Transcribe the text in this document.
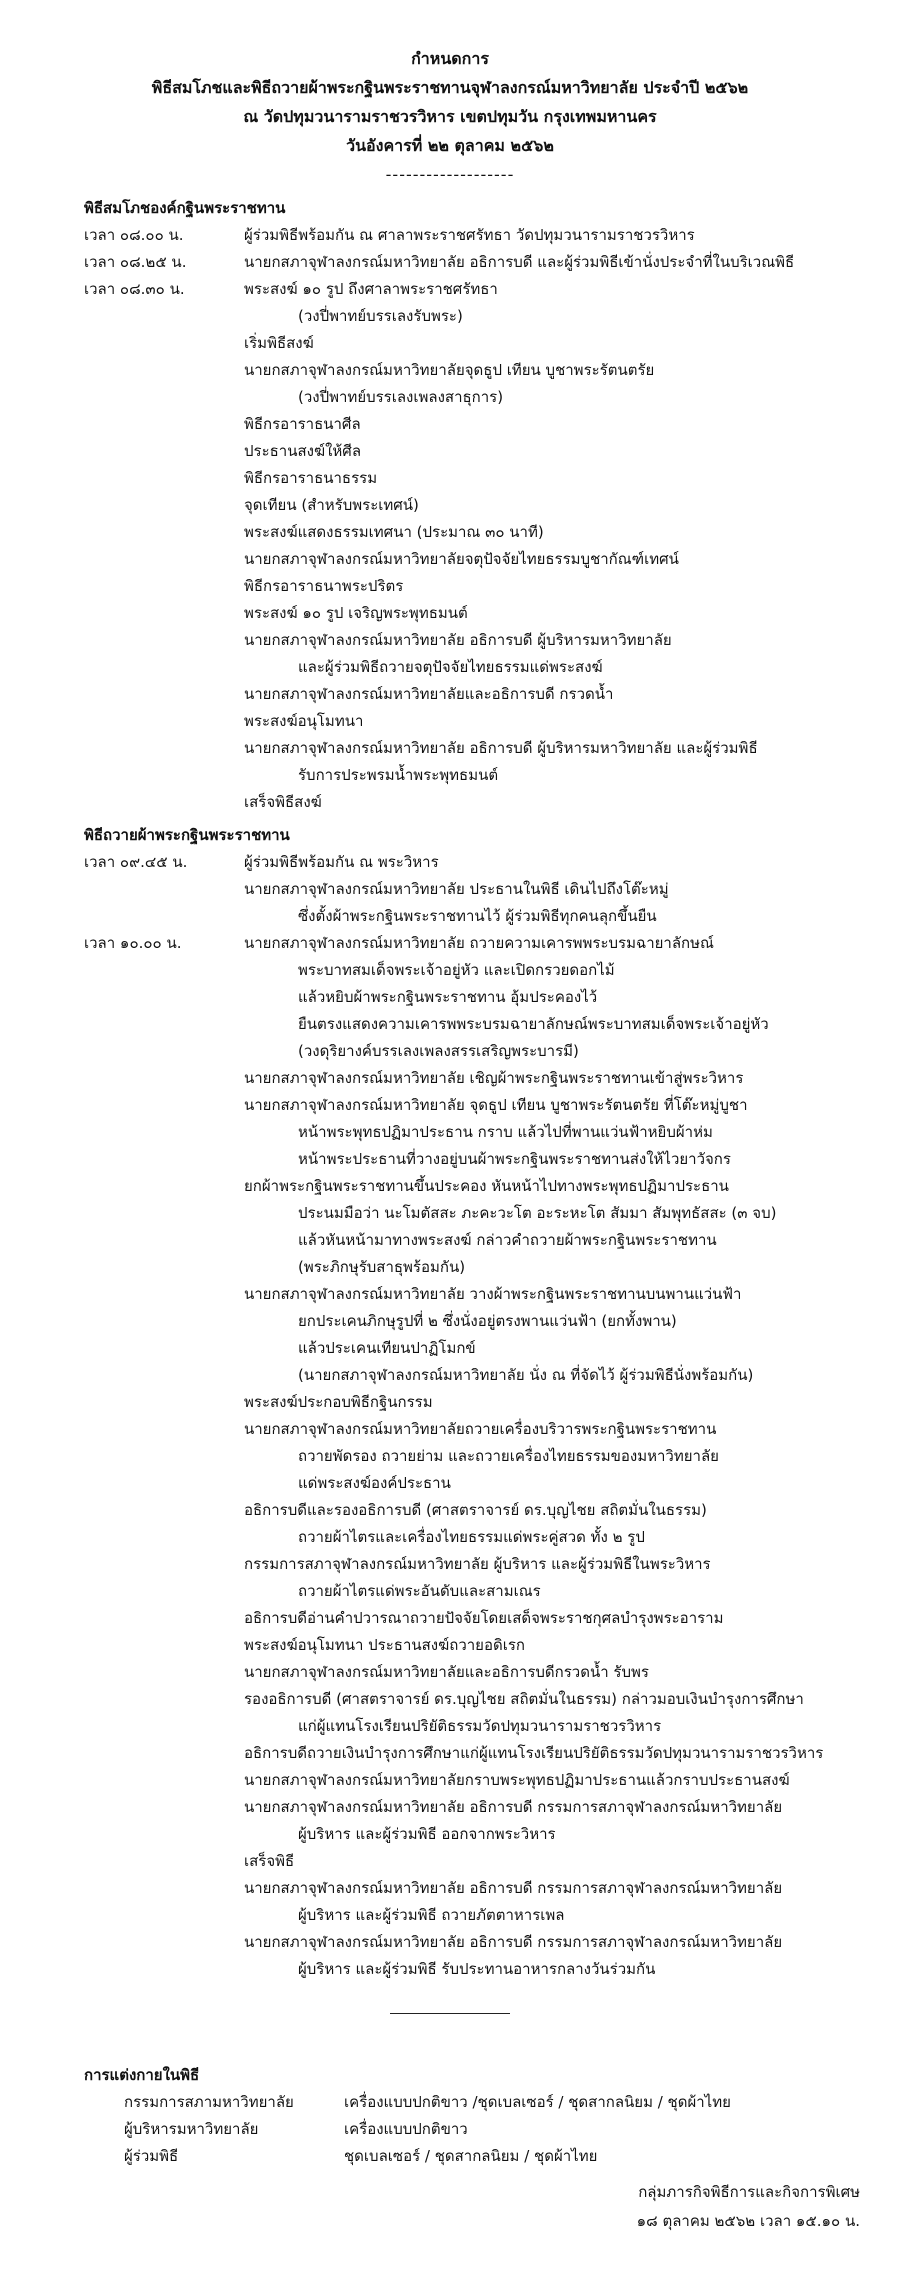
กำหนดการ
พิธีสมโภชและพิธีถวายผ้าพระกฐินพระราชทานจุฬาลงกรณ์มหาวิทยาลัย ประจำปี ๒๕๖๒
ณ วัดปทุมวนารามราชวรวิหาร เขตปทุมวัน กรุงเทพมหานคร
วันอังคารที่ ๒๒ ตุลาคม ๒๕๖๒
-------------------
พิธีสมโภชองค์กฐินพระราชทาน
เวลา ๐๘.๐๐ น.	ผู้ร่วมพิธีพร้อมกัน ณ ศาลาพระราชศรัทธา วัดปทุมวนารามราชวรวิหาร
เวลา ๐๘.๒๕ น.	นายกสภาจุฬาลงกรณ์มหาวิทยาลัย อธิการบดี และผู้ร่วมพิธีเข้านั่งประจำที่ในบริเวณพิธี
เวลา ๐๘.๓๐ น.	พระสงฆ์ ๑๐ รูป ถึงศาลาพระราชศรัทธา
(วงปี่พาทย์บรรเลงรับพระ)
เริ่มพิธีสงฆ์
นายกสภาจุฬาลงกรณ์มหาวิทยาลัยจุดธูป เทียน บูชาพระรัตนตรัย
(วงปี่พาทย์บรรเลงเพลงสาธุการ)
พิธีกรอาราธนาศีล
ประธานสงฆ์ให้ศีล
พิธีกรอาราธนาธรรม
จุดเทียน (สำหรับพระเทศน์)
พระสงฆ์แสดงธรรมเทศนา (ประมาณ ๓๐ นาที)
นายกสภาจุฬาลงกรณ์มหาวิทยาลัยจตุปัจจัยไทยธรรมบูชากัณฑ์เทศน์
พิธีกรอาราธนาพระปริตร
พระสงฆ์ ๑๐ รูป เจริญพระพุทธมนต์
นายกสภาจุฬาลงกรณ์มหาวิทยาลัย อธิการบดี ผู้บริหารมหาวิทยาลัย
และผู้ร่วมพิธีถวายจตุปัจจัยไทยธรรมแด่พระสงฆ์
นายกสภาจุฬาลงกรณ์มหาวิทยาลัยและอธิการบดี กรวดน้ำ
พระสงฆ์อนุโมทนา
นายกสภาจุฬาลงกรณ์มหาวิทยาลัย อธิการบดี ผู้บริหารมหาวิทยาลัย และผู้ร่วมพิธี
รับการประพรมน้ำพระพุทธมนต์
เสร็จพิธีสงฆ์
พิธีถวายผ้าพระกฐินพระราชทาน
เวลา ๐๙.๔๕ น.	ผู้ร่วมพิธีพร้อมกัน ณ พระวิหาร
นายกสภาจุฬาลงกรณ์มหาวิทยาลัย ประธานในพิธี เดินไปถึงโต๊ะหมู่
ซึ่งตั้งผ้าพระกฐินพระราชทานไว้ ผู้ร่วมพิธีทุกคนลุกขึ้นยืน
เวลา ๑๐.๐๐ น.	นายกสภาจุฬาลงกรณ์มหาวิทยาลัย ถวายความเคารพพระบรมฉายาลักษณ์
พระบาทสมเด็จพระเจ้าอยู่หัว และเปิดกรวยดอกไม้
แล้วหยิบผ้าพระกฐินพระราชทาน อุ้มประคองไว้
ยืนตรงแสดงความเคารพพระบรมฉายาลักษณ์พระบาทสมเด็จพระเจ้าอยู่หัว
(วงดุริยางค์บรรเลงเพลงสรรเสริญพระบารมี)
นายกสภาจุฬาลงกรณ์มหาวิทยาลัย เชิญผ้าพระกฐินพระราชทานเข้าสู่พระวิหาร
นายกสภาจุฬาลงกรณ์มหาวิทยาลัย จุดธูป เทียน บูชาพระรัตนตรัย ที่โต๊ะหมู่บูชา
หน้าพระพุทธปฏิมาประธาน กราบ แล้วไปที่พานแว่นฟ้าหยิบผ้าห่ม
หน้าพระประธานที่วางอยู่บนผ้าพระกฐินพระราชทานส่งให้ไวยาวัจกร
ยกผ้าพระกฐินพระราชทานขึ้นประคอง หันหน้าไปทางพระพุทธปฏิมาประธาน
ประนมมือว่า นะโมตัสสะ ภะคะวะโต อะระหะโต สัมมา สัมพุทธัสสะ (๓ จบ)
แล้วหันหน้ามาทางพระสงฆ์ กล่าวคำถวายผ้าพระกฐินพระราชทาน
(พระภิกษุรับสาธุพร้อมกัน)
นายกสภาจุฬาลงกรณ์มหาวิทยาลัย วางผ้าพระกฐินพระราชทานบนพานแว่นฟ้า
ยกประเคนภิกษุรูปที่ ๒ ซึ่งนั่งอยู่ตรงพานแว่นฟ้า (ยกทั้งพาน)
แล้วประเคนเทียนปาฏิโมกข์
(นายกสภาจุฬาลงกรณ์มหาวิทยาลัย นั่ง ณ ที่จัดไว้ ผู้ร่วมพิธีนั่งพร้อมกัน)
พระสงฆ์ประกอบพิธีกฐินกรรม
นายกสภาจุฬาลงกรณ์มหาวิทยาลัยถวายเครื่องบริวารพระกฐินพระราชทาน
ถวายพัดรอง ถวายย่าม และถวายเครื่องไทยธรรมของมหาวิทยาลัย
แด่พระสงฆ์องค์ประธาน
อธิการบดีและรองอธิการบดี (ศาสตราจารย์ ดร.บุญไชย สถิตมั่นในธรรม)
ถวายผ้าไตรและเครื่องไทยธรรมแด่พระคู่สวด ทั้ง ๒ รูป
กรรมการสภาจุฬาลงกรณ์มหาวิทยาลัย ผู้บริหาร และผู้ร่วมพิธีในพระวิหาร
ถวายผ้าไตรแด่พระอันดับและสามเณร
อธิการบดีอ่านคำปวารณาถวายปัจจัยโดยเสด็จพระราชกุศลบำรุงพระอาราม
พระสงฆ์อนุโมทนา ประธานสงฆ์ถวายอดิเรก
นายกสภาจุฬาลงกรณ์มหาวิทยาลัยและอธิการบดีกรวดน้ำ รับพร
รองอธิการบดี (ศาสตราจารย์ ดร.บุญไชย สถิตมั่นในธรรม) กล่าวมอบเงินบำรุงการศึกษา
แก่ผู้แทนโรงเรียนปริยัติธรรมวัดปทุมวนารามราชวรวิหาร
อธิการบดีถวายเงินบำรุงการศึกษาแก่ผู้แทนโรงเรียนปริยัติธรรมวัดปทุมวนารามราชวรวิหาร
นายกสภาจุฬาลงกรณ์มหาวิทยาลัยกราบพระพุทธปฏิมาประธานแล้วกราบประธานสงฆ์
นายกสภาจุฬาลงกรณ์มหาวิทยาลัย อธิการบดี กรรมการสภาจุฬาลงกรณ์มหาวิทยาลัย
ผู้บริหาร และผู้ร่วมพิธี ออกจากพระวิหาร
เสร็จพิธี
นายกสภาจุฬาลงกรณ์มหาวิทยาลัย อธิการบดี กรรมการสภาจุฬาลงกรณ์มหาวิทยาลัย
ผู้บริหาร และผู้ร่วมพิธี ถวายภัตตาหารเพล
นายกสภาจุฬาลงกรณ์มหาวิทยาลัย อธิการบดี กรรมการสภาจุฬาลงกรณ์มหาวิทยาลัย
ผู้บริหาร และผู้ร่วมพิธี รับประทานอาหารกลางวันร่วมกัน
การแต่งกายในพิธี
กรรมการสภามหาวิทยาลัย	เครื่องแบบปกติขาว /ชุดเบลเซอร์ / ชุดสากลนิยม / ชุดผ้าไทย
ผู้บริหารมหาวิทยาลัย	เครื่องแบบปกติขาว
ผู้ร่วมพิธี	ชุดเบลเซอร์ / ชุดสากลนิยม / ชุดผ้าไทย
กลุ่มภารกิจพิธีการและกิจการพิเศษ
๑๘ ตุลาคม ๒๕๖๒ เวลา ๑๕.๑๐ น.
